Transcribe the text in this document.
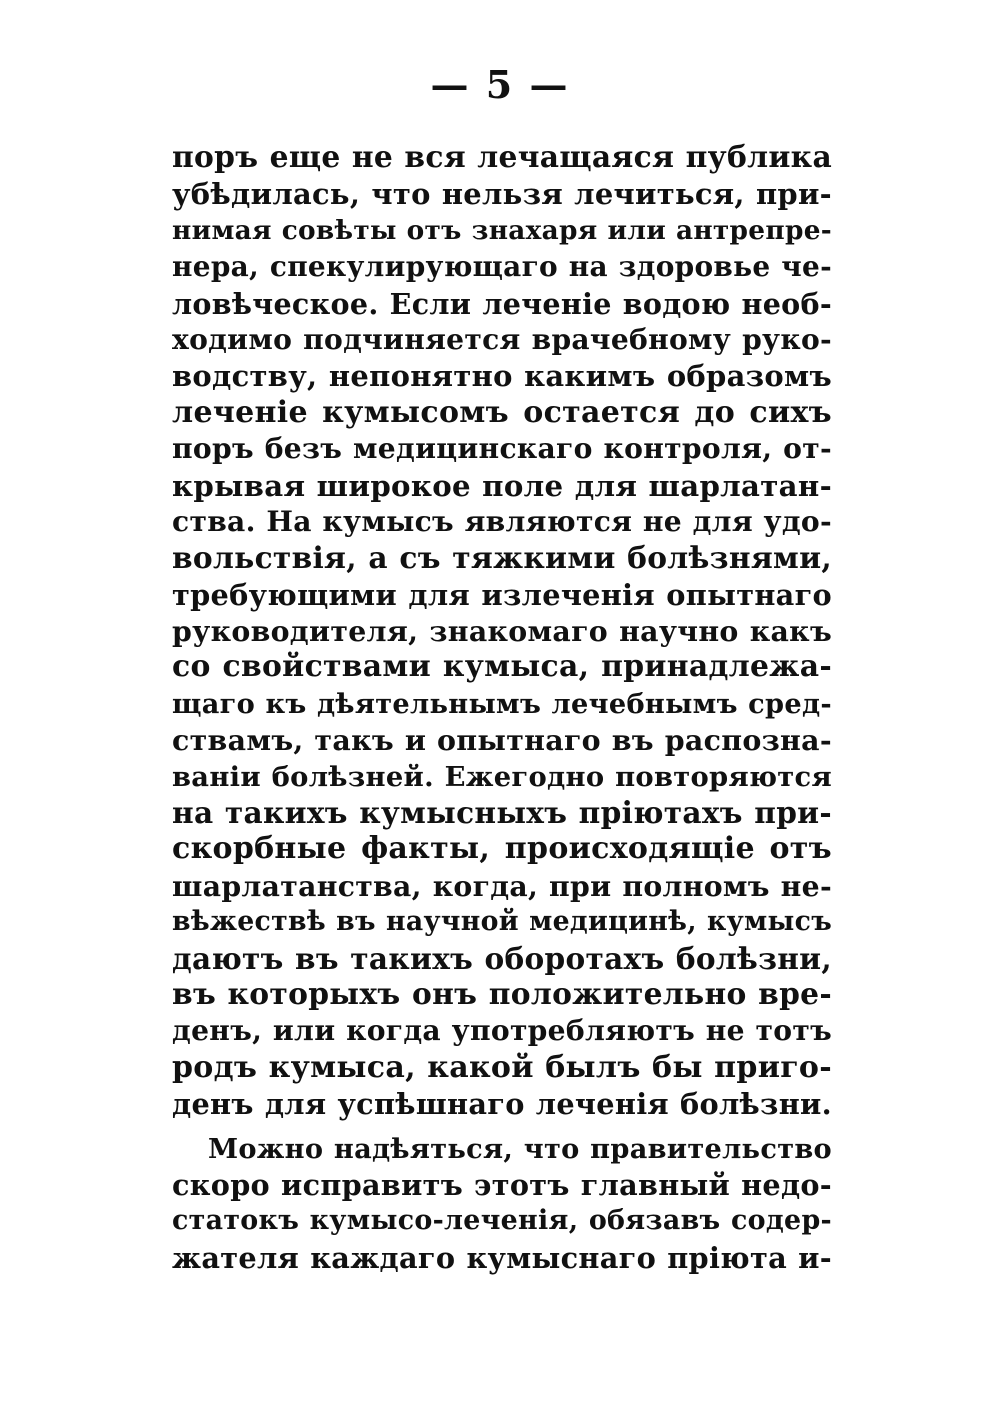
— 5 —
поръ еще не вся лечащаяся публика
убѣдилась, что нельзя лечиться, при-
нимая совѣты отъ знахаря или антрепре-
нера, спекулирующаго на здоровье че-
ловѣческое. Если леченіе водою необ-
ходимо подчиняется врачебному руко-
водству, непонятно какимъ образомъ
леченіе кумысомъ остается до сихъ
поръ безъ медицинскаго контроля, от-
крывая широкое поле для шарлатан-
ства. На кумысъ являются не для удо-
вольствія, а съ тяжкими болѣзнями,
требующими для излеченія опытнаго
руководителя, знакомаго научно какъ
со свойствами кумыса, принадлежа-
щаго къ дѣятельнымъ лечебнымъ сред-
ствамъ, такъ и опытнаго въ распозна-
ваніи болѣзней. Ежегодно повторяются
на такихъ кумысныхъ пріютахъ при-
скорбные факты, происходящіе отъ
шарлатанства, когда, при полномъ не-
вѣжествѣ въ научной медицинѣ, кумысъ
даютъ въ такихъ оборотахъ болѣзни,
въ которыхъ онъ положительно вре-
денъ, или когда употребляютъ не тотъ
родъ кумыса, какой былъ бы пригo-
денъ для успѣшнаго леченія болѣзни.
Можно надѣяться, что правительство
скоро исправитъ этотъ главный недо-
статокъ кумысо-леченія, обязавъ содер-
жателя каждаго кумыснаго пріюта и-
